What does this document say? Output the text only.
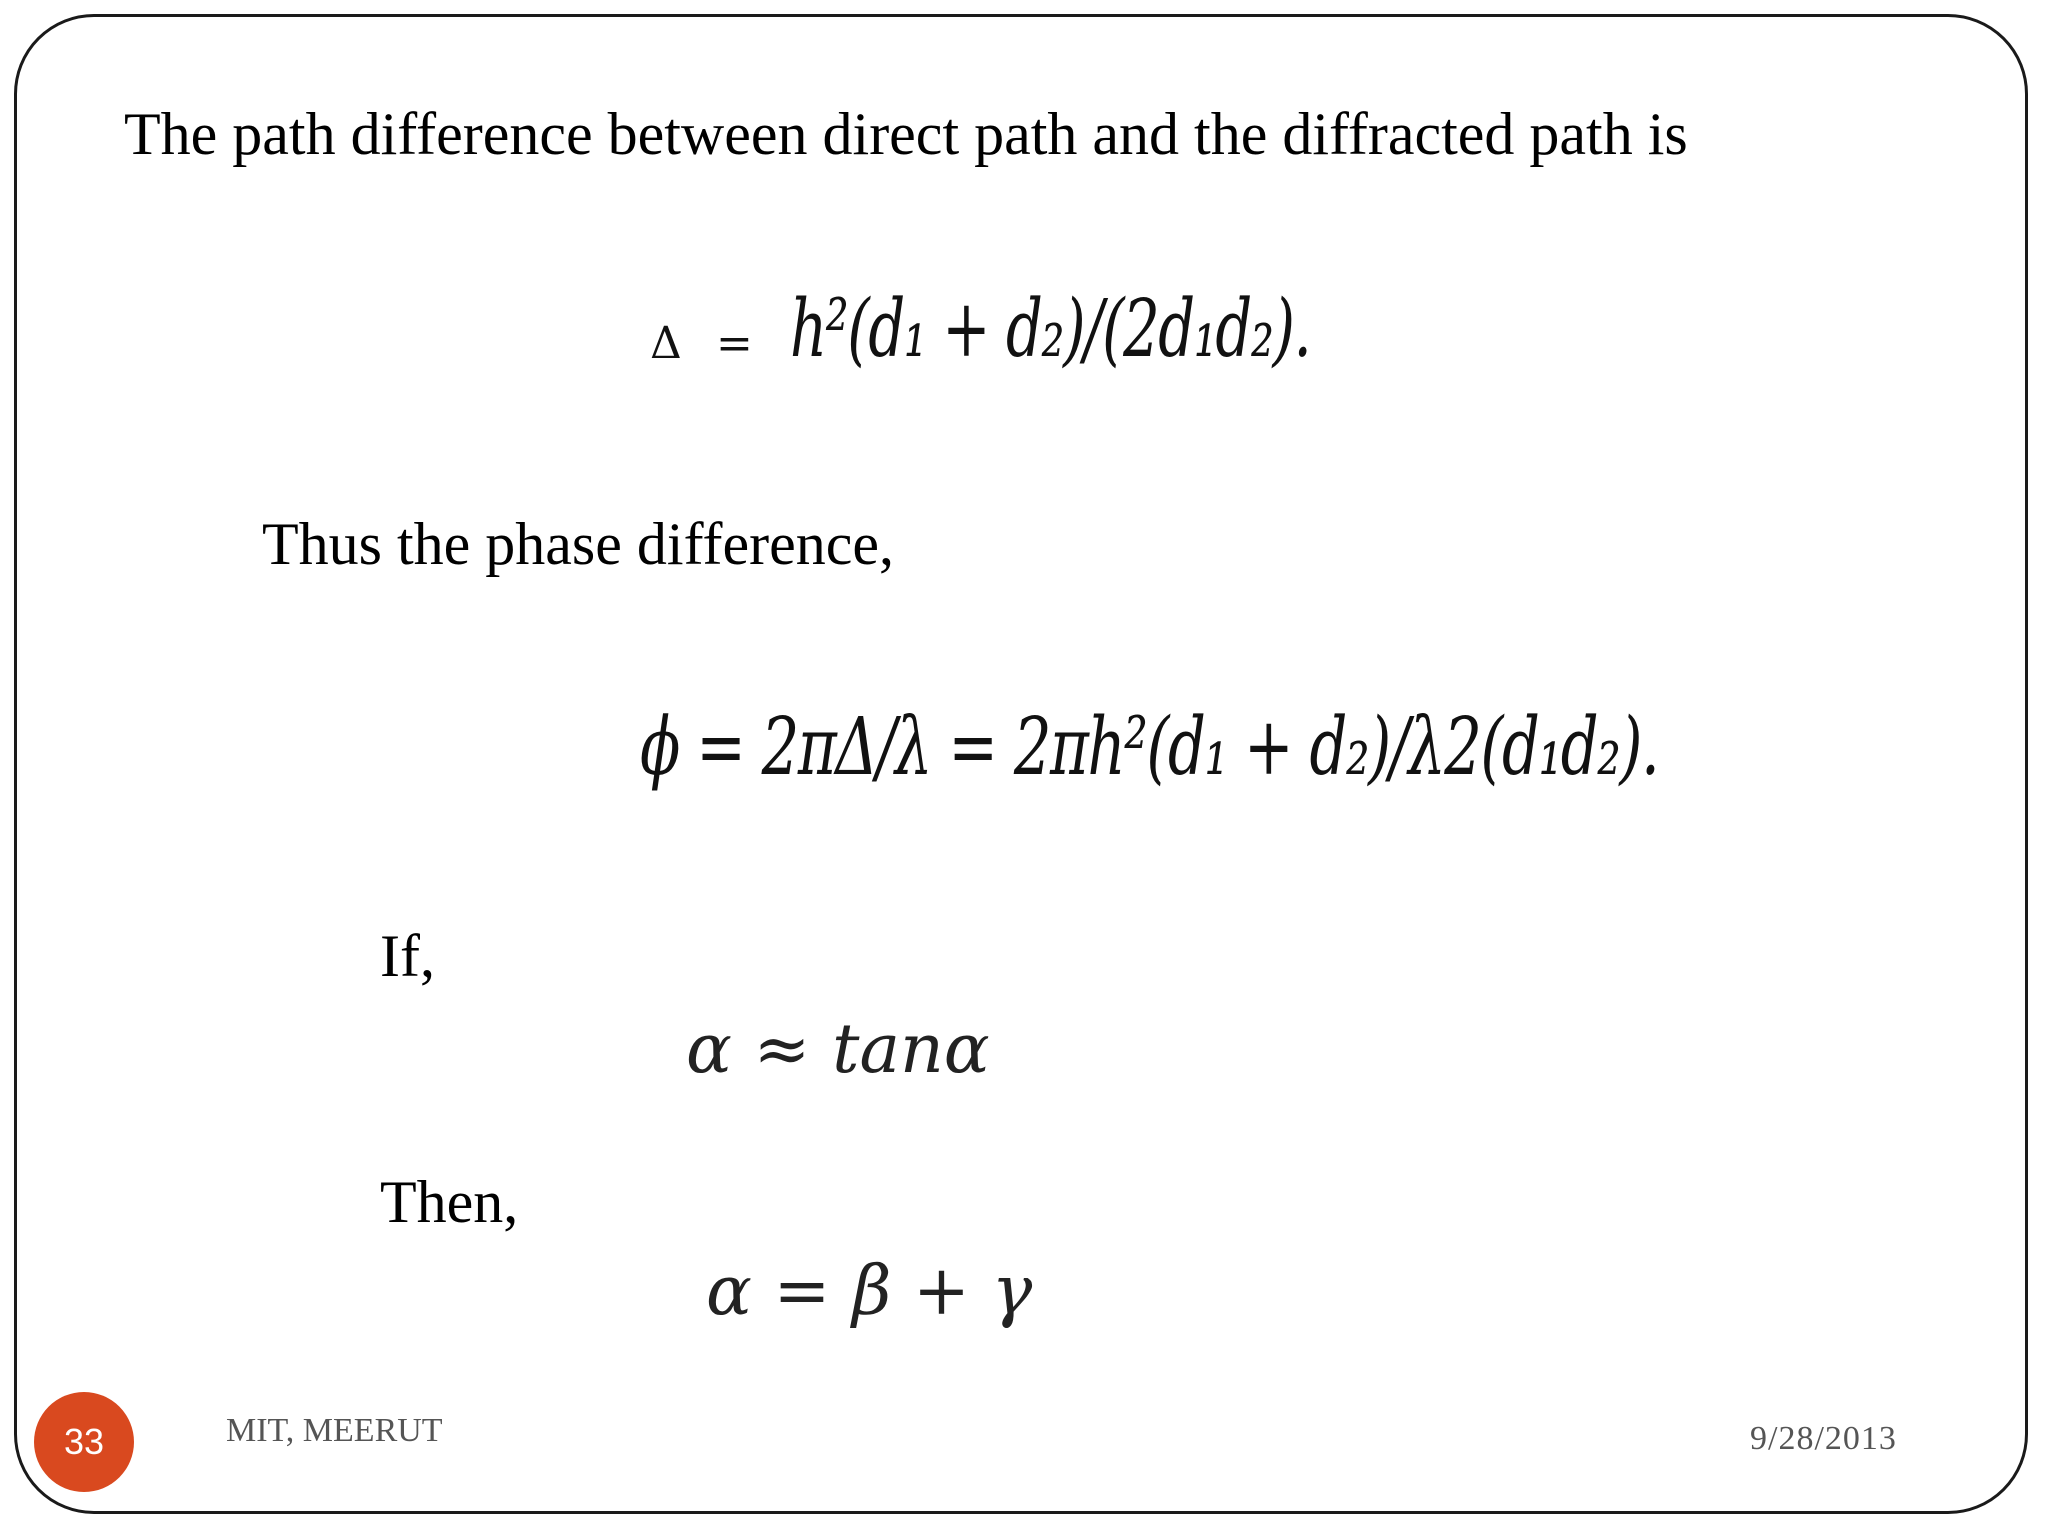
The path difference between direct path and the diffracted path is
Δ = h²(d₁ + d₂)/(2d₁d₂).
Thus the phase difference,
ϕ = 2πΔ/λ = 2πh²(d₁ + d₂)/λ2(d₁d₂).
If,
α ≈ tanα
Then,
α = β + γ
33	MIT, MEERUT	9/28/2013
